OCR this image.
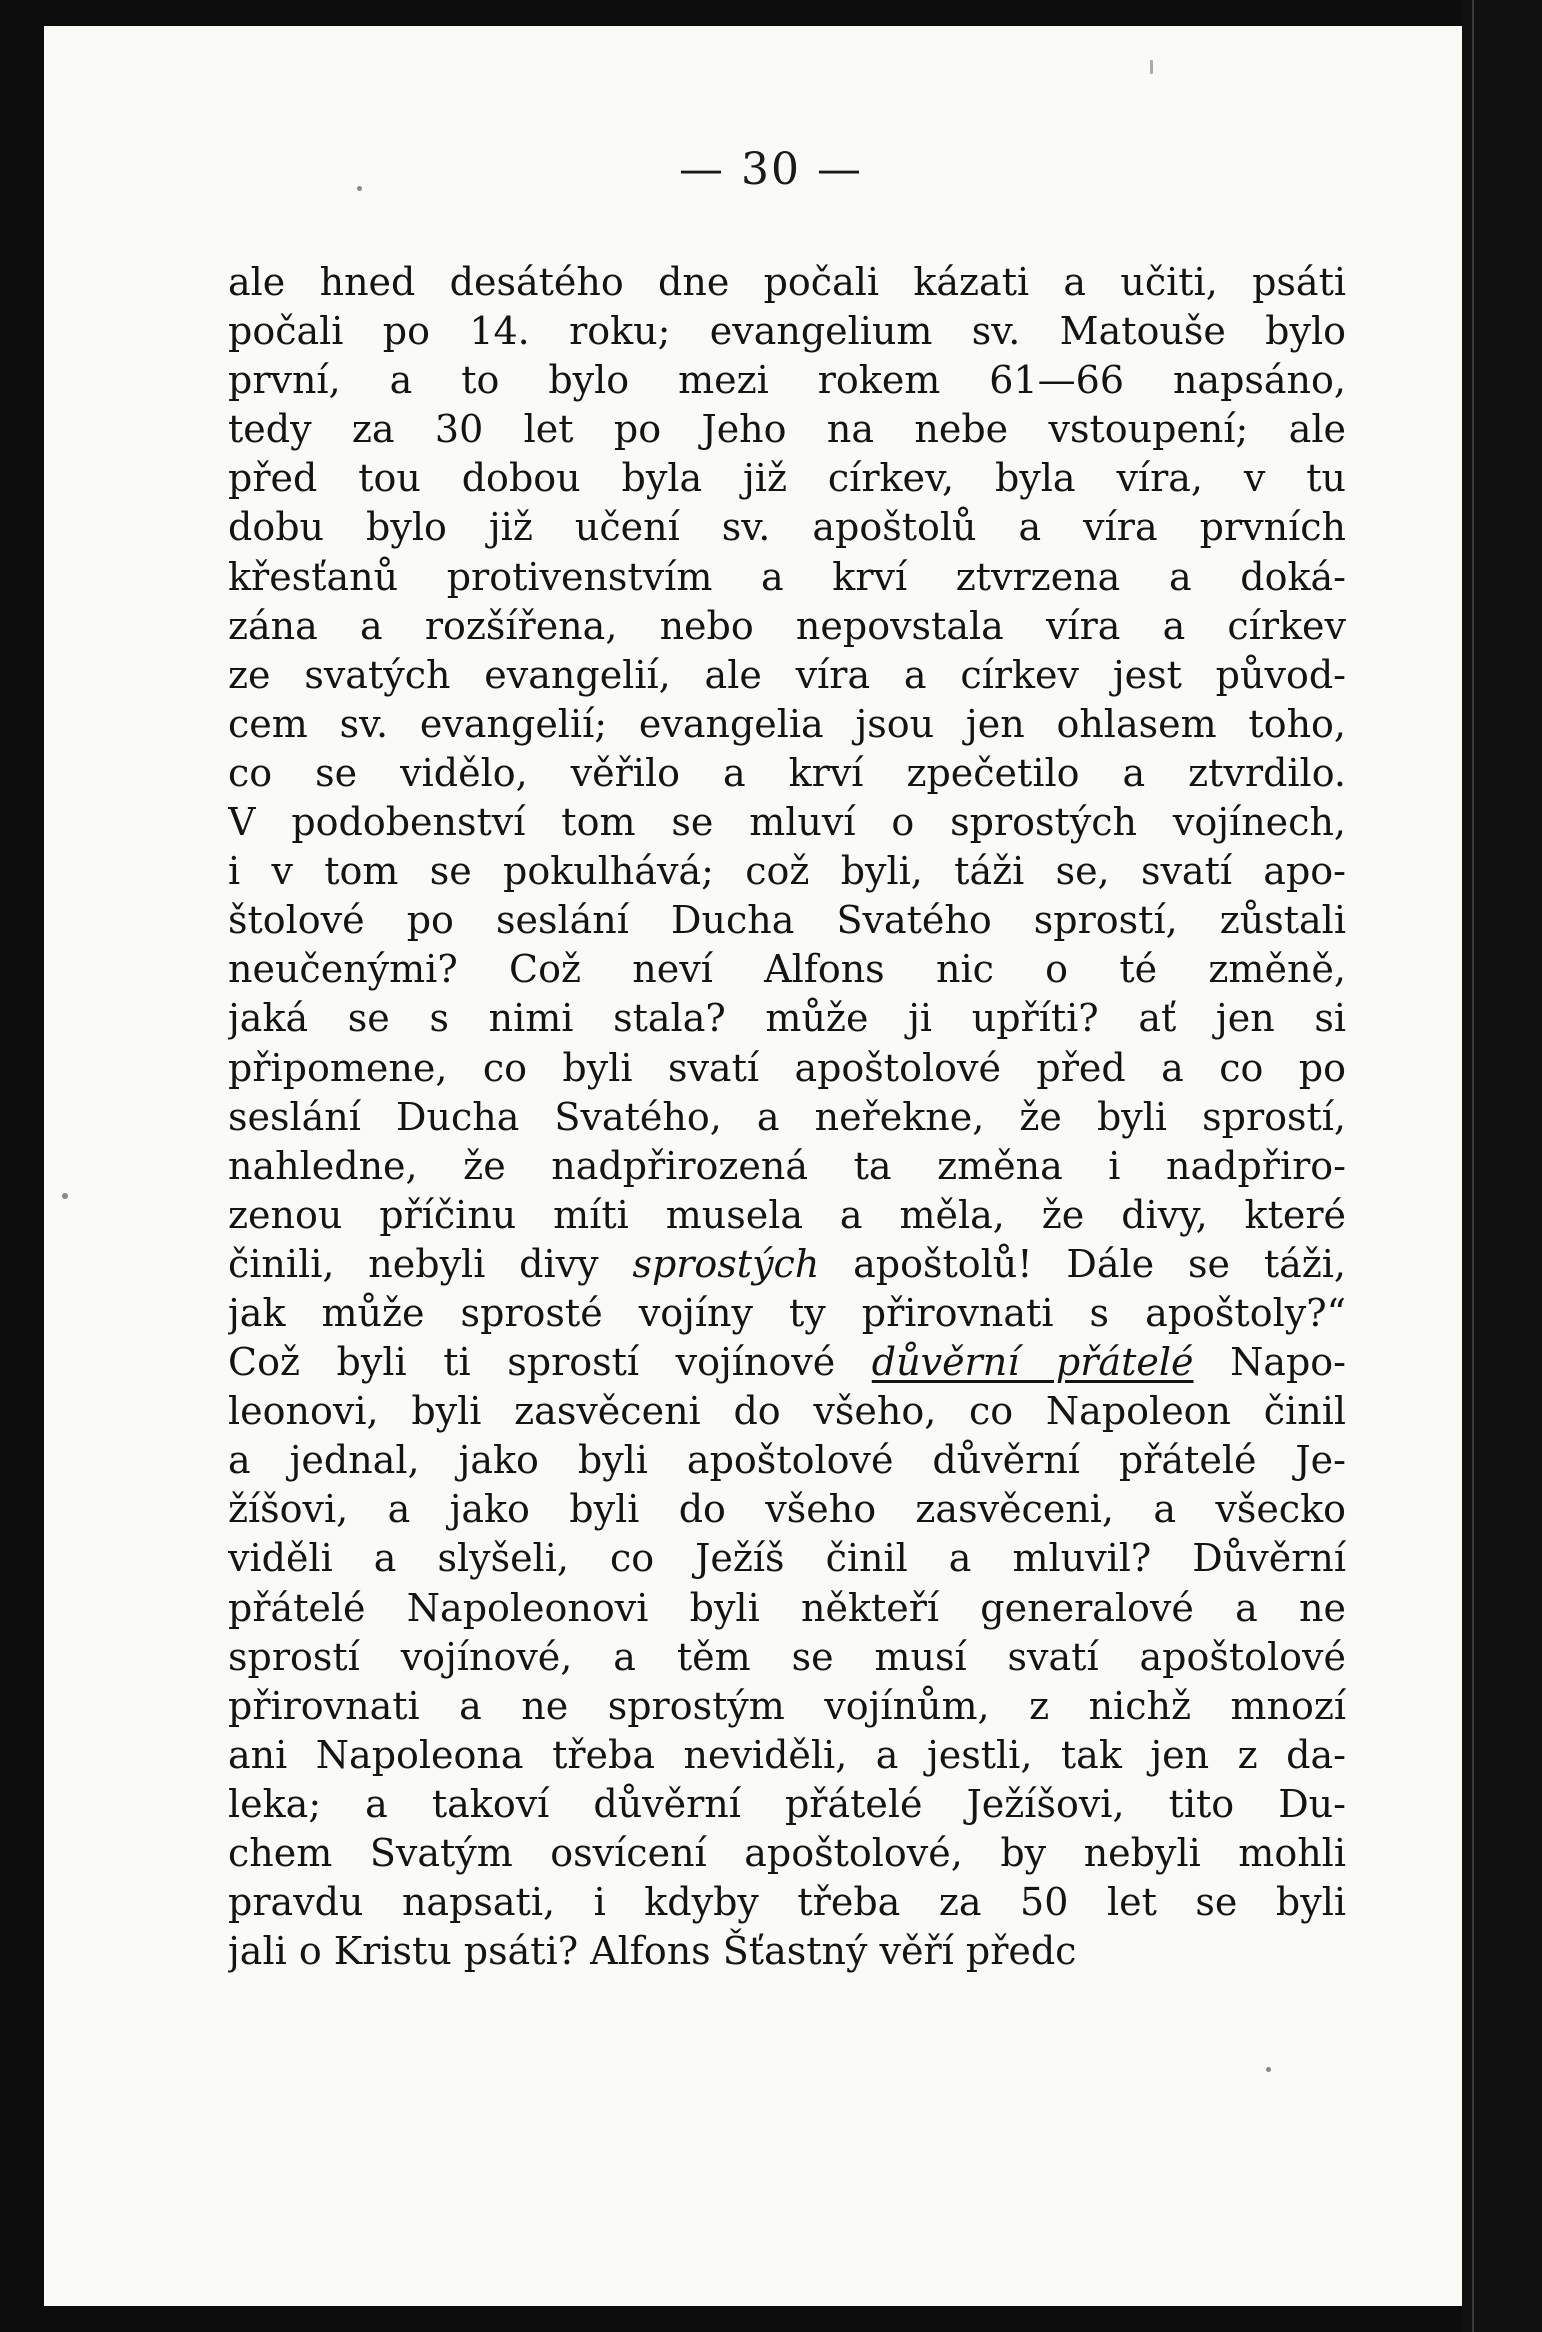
— 30 —
ale hned desátého dne počali kázati a učiti, psáti
počali po 14. roku; evangelium sv. Matouše bylo
první, a to bylo mezi rokem 61—66 napsáno,
tedy za 30 let po Jeho na nebe vstoupení; ale
před tou dobou byla již církev, byla víra, v tu
dobu bylo již učení sv. apoštolů a víra prvních
křesťanů protivenstvím a krví ztvrzena a doká-
zána a rozšířena, nebo nepovstala víra a církev
ze svatých evangelií, ale víra a církev jest původ-
cem sv. evangelií; evangelia jsou jen ohlasem toho,
co se vidělo, věřilo a krví zpečetilo a ztvrdilo.
V podobenství tom se mluví o sprostých vojínech,
i v tom se pokulhává; což byli, táži se, svatí apo-
štolové po seslání Ducha Svatého sprostí, zůstali
neučenými? Což neví Alfons nic o té změně,
jaká se s nimi stala? může ji upříti? ať jen si
připomene, co byli svatí apoštolové před a co po
seslání Ducha Svatého, a neřekne, že byli sprostí,
nahledne, že nadpřirozená ta změna i nadpřiro-
zenou příčinu míti musela a měla, že divy, které
činili, nebyli divy sprostých apoštolů! Dále se táži,
jak může sprosté vojíny ty přirovnati s apoštoly?“
Což byli ti sprostí vojínové důvěrní přátelé Napo-
leonovi, byli zasvěceni do všeho, co Napoleon činil
a jednal, jako byli apoštolové důvěrní přátelé Je-
žíšovi, a jako byli do všeho zasvěceni, a všecko
viděli a slyšeli, co Ježíš činil a mluvil? Důvěrní
přátelé Napoleonovi byli někteří generalové a ne
sprostí vojínové, a těm se musí svatí apoštolové
přirovnati a ne sprostým vojínům, z nichž mnozí
ani Napoleona třeba neviděli, a jestli, tak jen z da-
leka; a takoví důvěrní přátelé Ježíšovi, tito Du-
chem Svatým osvícení apoštolové, by nebyli mohli
pravdu napsati, i kdyby třeba za 50 let se byli
jali o Kristu psáti? Alfons Šťastný věří předc
